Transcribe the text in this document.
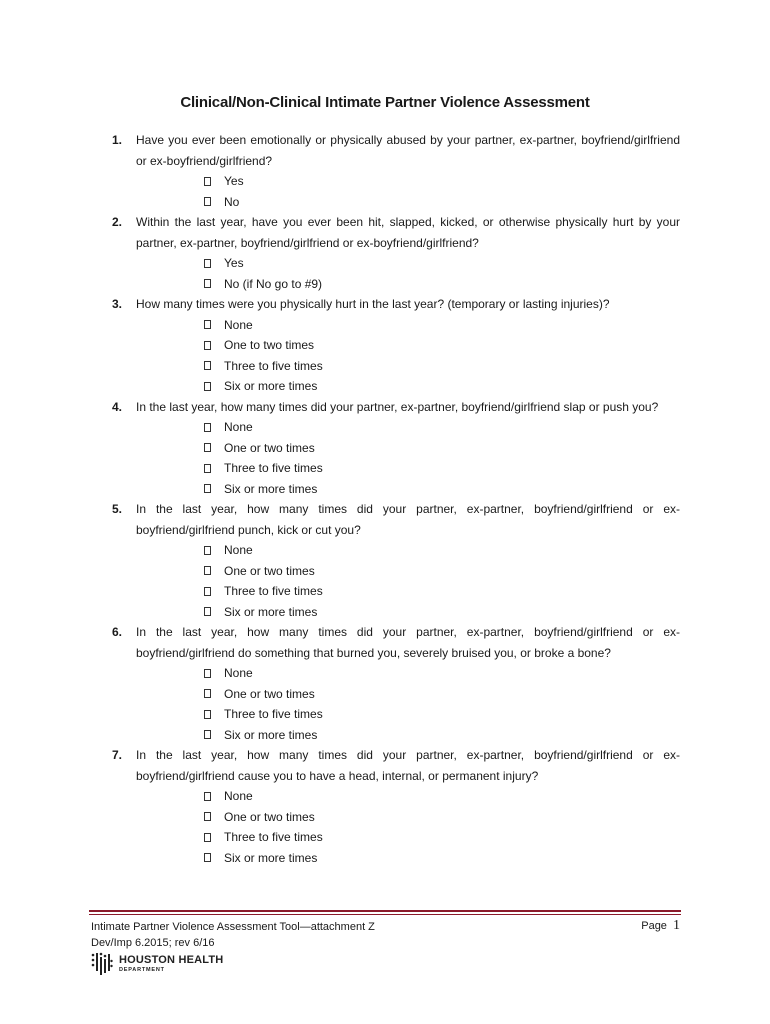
Clinical/Non-Clinical Intimate Partner Violence Assessment
1. Have you ever been emotionally or physically abused by your partner, ex-partner, boyfriend/girlfriend or ex-boyfriend/girlfriend?
Yes
No
2. Within the last year, have you ever been hit, slapped, kicked, or otherwise physically hurt by your partner, ex-partner, boyfriend/girlfriend or ex-boyfriend/girlfriend?
Yes
No (if No go to #9)
3. How many times were you physically hurt in the last year? (temporary or lasting injuries)?
None
One to two times
Three to five times
Six or more times
4. In the last year, how many times did your partner, ex-partner, boyfriend/girlfriend slap or push you?
None
One or two times
Three to five times
Six or more times
5. In the last year, how many times did your partner, ex-partner, boyfriend/girlfriend or ex-boyfriend/girlfriend punch, kick or cut you?
None
One or two times
Three to five times
Six or more times
6. In the last year, how many times did your partner, ex-partner, boyfriend/girlfriend or ex-boyfriend/girlfriend do something that burned you, severely bruised you, or broke a bone?
None
One or two times
Three to five times
Six or more times
7. In the last year, how many times did your partner, ex-partner, boyfriend/girlfriend or ex-boyfriend/girlfriend cause you to have a head, internal, or permanent injury?
None
One or two times
Three to five times
Six or more times
Intimate Partner Violence Assessment Tool—attachment Z
Dev/Imp 6.2015; rev 6/16
Page 1
HOUSTON HEALTH
DEPARTMENT
